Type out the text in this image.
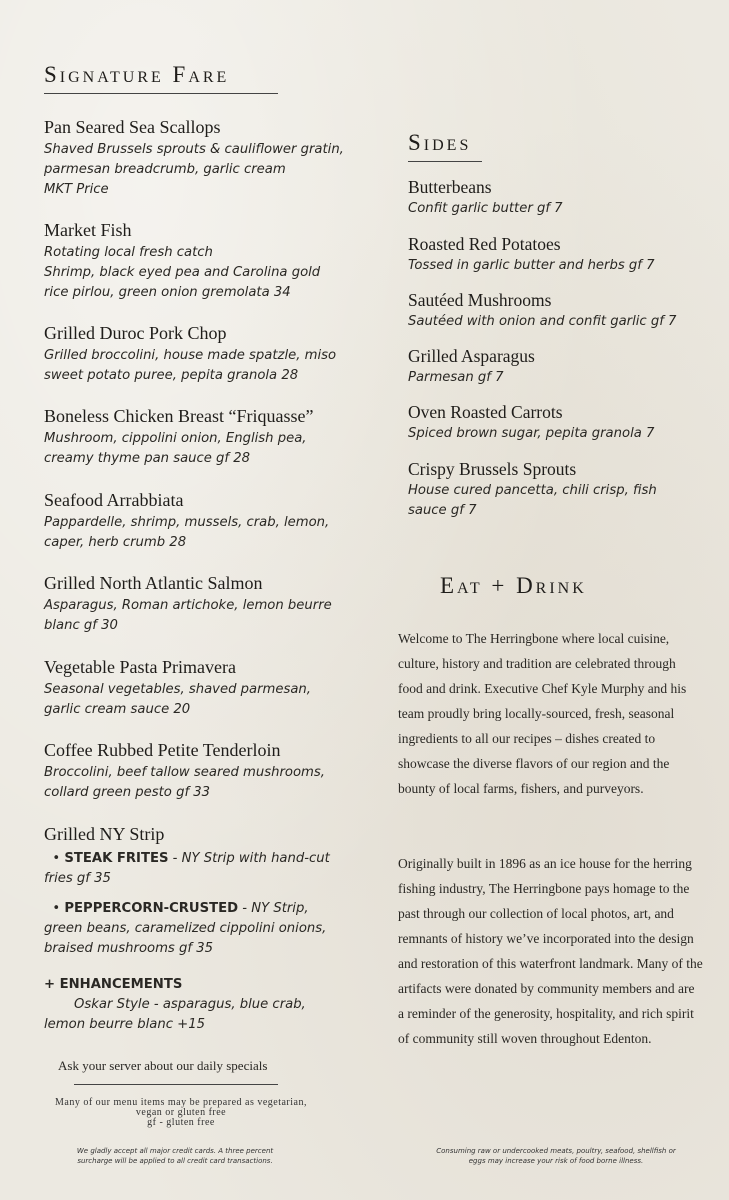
Signature Fare
Pan Seared Sea Scallops
Shaved Brussels sprouts & cauliflower gratin, parmesan breadcrumb, garlic cream
MKT Price
Market Fish
Rotating local fresh catch
Shrimp, black eyed pea and Carolina gold rice pirlou, green onion gremolata 34
Grilled Duroc Pork Chop
Grilled broccolini, house made spatzle, miso sweet potato puree, pepita granola 28
Boneless Chicken Breast “Friquasse”
Mushroom, cippolini onion, English pea, creamy thyme pan sauce gf 28
Seafood Arrabbiata
Pappardelle, shrimp, mussels, crab, lemon, caper, herb crumb 28
Grilled North Atlantic Salmon
Asparagus, Roman artichoke, lemon beurre blanc gf 30
Vegetable Pasta Primavera
Seasonal vegetables, shaved parmesan, garlic cream sauce 20
Coffee Rubbed Petite Tenderloin
Broccolini, beef tallow seared mushrooms, collard green pesto gf 33
Grilled NY Strip
• STEAK FRITES - NY Strip with hand-cut fries gf 35
• PEPPERCORN-CRUSTED - NY Strip, green beans, caramelized cippolini onions, braised mushrooms gf 35
+ ENHANCEMENTS
Oskar Style - asparagus, blue crab, lemon beurre blanc +15
Ask your server about our daily specials
Many of our menu items may be prepared as vegetarian, vegan or gluten free
gf - gluten free
We gladly accept all major credit cards. A three percent surcharge will be applied to all credit card transactions.
Sides
Butterbeans
Confit garlic butter gf 7
Roasted Red Potatoes
Tossed in garlic butter and herbs gf 7
Sautéed Mushrooms
Sautéed with onion and confit garlic gf 7
Grilled Asparagus
Parmesan gf 7
Oven Roasted Carrots
Spiced brown sugar, pepita granola 7
Crispy Brussels Sprouts
House cured pancetta, chili crisp, fish sauce gf 7
Eat + Drink
Welcome to The Herringbone where local cuisine, culture, history and tradition are celebrated through food and drink. Executive Chef Kyle Murphy and his team proudly bring locally-sourced, fresh, seasonal ingredients to all our recipes – dishes created to showcase the diverse flavors of our region and the bounty of local farms, fishers, and purveyors.
Originally built in 1896 as an ice house for the herring fishing industry, The Herringbone pays homage to the past through our collection of local photos, art, and remnants of history we’ve incorporated into the design and restoration of this waterfront landmark. Many of the artifacts were donated by community members and are a reminder of the generosity, hospitality, and rich spirit of community still woven throughout Edenton.
Consuming raw or undercooked meats, poultry, seafood, shellfish or eggs may increase your risk of food borne illness.
